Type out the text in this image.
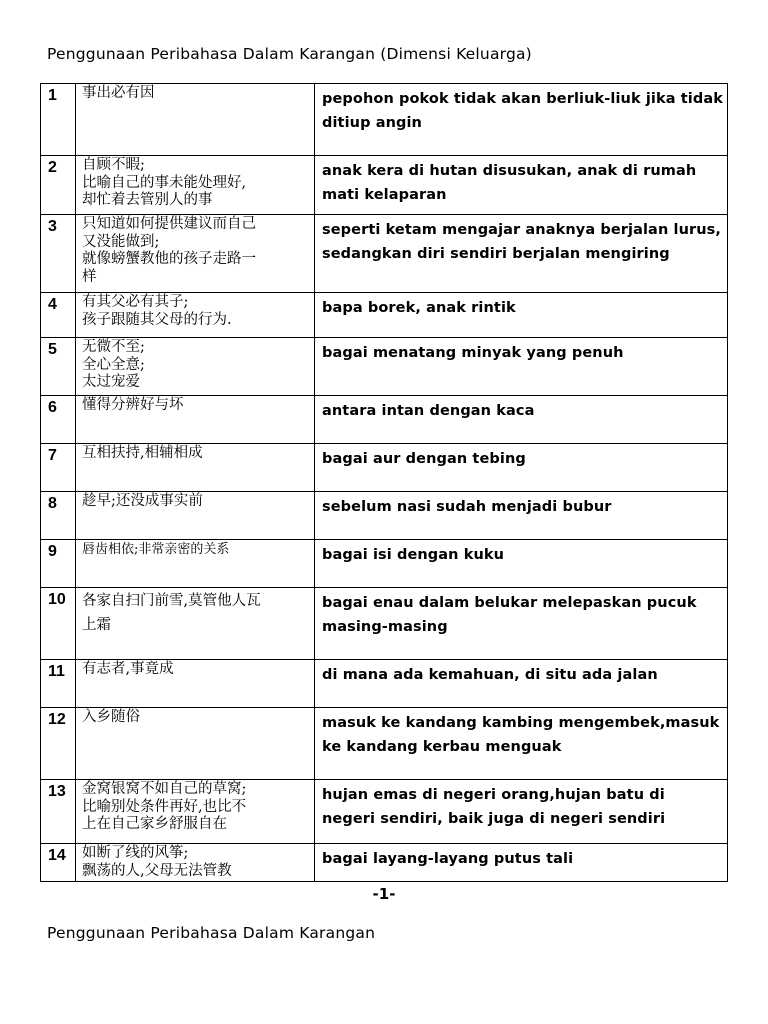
Penggunaan Peribahasa Dalam Karangan (Dimensi Keluarga)
1	事出必有因	pepohon pokok tidak akan berliuk-liuk jika tidak ditiup angin
2	自顾不暇;
比喻自己的事未能处理好,
却忙着去管别人的事	anak kera di hutan disusukan, anak di rumah mati kelaparan
3	只知道如何提供建议而自己
又没能做到;
就像螃蟹教他的孩子走路一
样	seperti ketam mengajar anaknya berjalan lurus, sedangkan diri sendiri berjalan mengiring
4	有其父必有其子;
孩子跟随其父母的行为.	bapa borek, anak rintik
5	无微不至;
全心全意;
太过宠爱	bagai menatang minyak yang penuh
6	懂得分辨好与坏	antara intan dengan kaca
7	互相扶持,相辅相成	bagai aur dengan tebing
8	趁早;还没成事实前	sebelum nasi sudah menjadi bubur
9	唇齿相依;非常亲密的关系	bagai isi dengan kuku
10	各家自扫门前雪,莫管他人瓦
上霜	bagai enau dalam belukar melepaskan pucuk masing-masing
11	有志者,事竟成	di mana ada kemahuan, di situ ada jalan
12	入乡随俗	masuk ke kandang kambing mengembek,masuk ke kandang kerbau menguak
13	金窝银窝不如自己的草窝;
比喻别处条件再好,也比不
上在自己家乡舒服自在	hujan emas di negeri orang,hujan batu di negeri sendiri, baik juga di negeri sendiri
14	如断了线的风筝;
飘荡的人,父母无法管教	bagai layang-layang putus tali
-1-
Penggunaan Peribahasa Dalam Karangan
